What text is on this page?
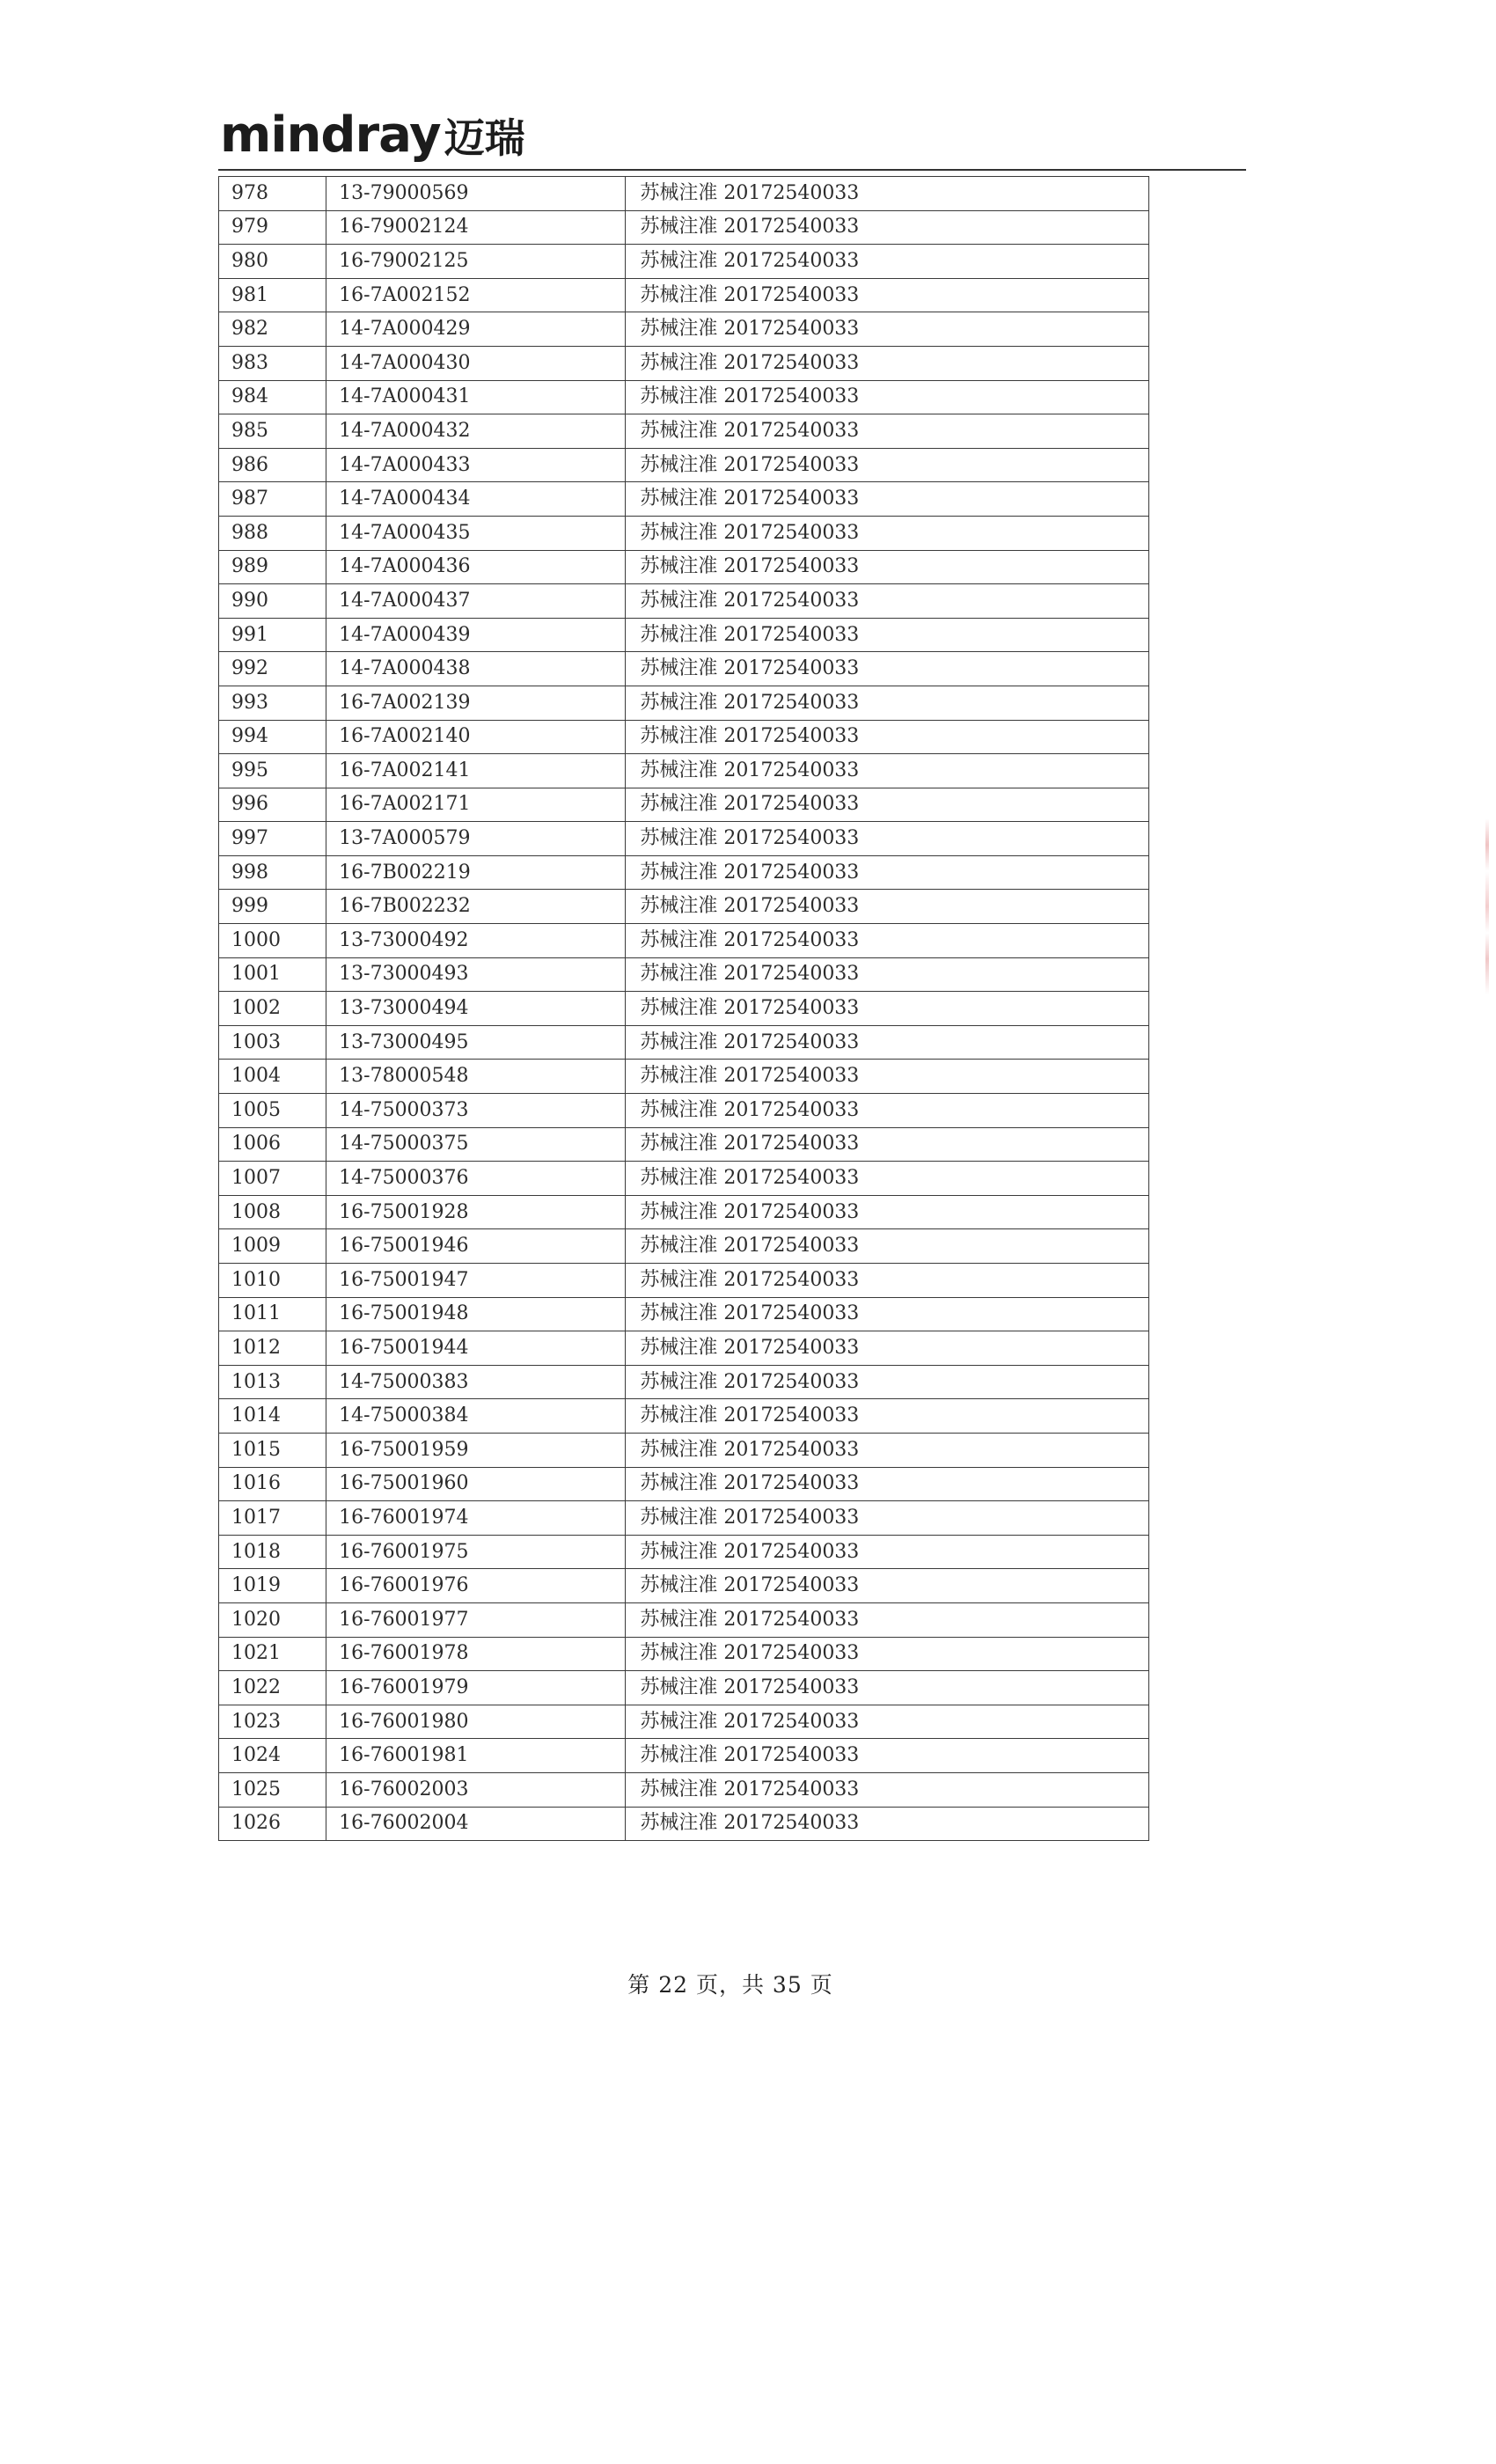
mindray 迈瑞
978	13-79000569	苏械注准 20172540033
979	16-79002124	苏械注准 20172540033
980	16-79002125	苏械注准 20172540033
981	16-7A002152	苏械注准 20172540033
982	14-7A000429	苏械注准 20172540033
983	14-7A000430	苏械注准 20172540033
984	14-7A000431	苏械注准 20172540033
985	14-7A000432	苏械注准 20172540033
986	14-7A000433	苏械注准 20172540033
987	14-7A000434	苏械注准 20172540033
988	14-7A000435	苏械注准 20172540033
989	14-7A000436	苏械注准 20172540033
990	14-7A000437	苏械注准 20172540033
991	14-7A000439	苏械注准 20172540033
992	14-7A000438	苏械注准 20172540033
993	16-7A002139	苏械注准 20172540033
994	16-7A002140	苏械注准 20172540033
995	16-7A002141	苏械注准 20172540033
996	16-7A002171	苏械注准 20172540033
997	13-7A000579	苏械注准 20172540033
998	16-7B002219	苏械注准 20172540033
999	16-7B002232	苏械注准 20172540033
1000	13-73000492	苏械注准 20172540033
1001	13-73000493	苏械注准 20172540033
1002	13-73000494	苏械注准 20172540033
1003	13-73000495	苏械注准 20172540033
1004	13-78000548	苏械注准 20172540033
1005	14-75000373	苏械注准 20172540033
1006	14-75000375	苏械注准 20172540033
1007	14-75000376	苏械注准 20172540033
1008	16-75001928	苏械注准 20172540033
1009	16-75001946	苏械注准 20172540033
1010	16-75001947	苏械注准 20172540033
1011	16-75001948	苏械注准 20172540033
1012	16-75001944	苏械注准 20172540033
1013	14-75000383	苏械注准 20172540033
1014	14-75000384	苏械注准 20172540033
1015	16-75001959	苏械注准 20172540033
1016	16-75001960	苏械注准 20172540033
1017	16-76001974	苏械注准 20172540033
1018	16-76001975	苏械注准 20172540033
1019	16-76001976	苏械注准 20172540033
1020	16-76001977	苏械注准 20172540033
1021	16-76001978	苏械注准 20172540033
1022	16-76001979	苏械注准 20172540033
1023	16-76001980	苏械注准 20172540033
1024	16-76001981	苏械注准 20172540033
1025	16-76002003	苏械注准 20172540033
1026	16-76002004	苏械注准 20172540033
第 22 页，共 35 页
